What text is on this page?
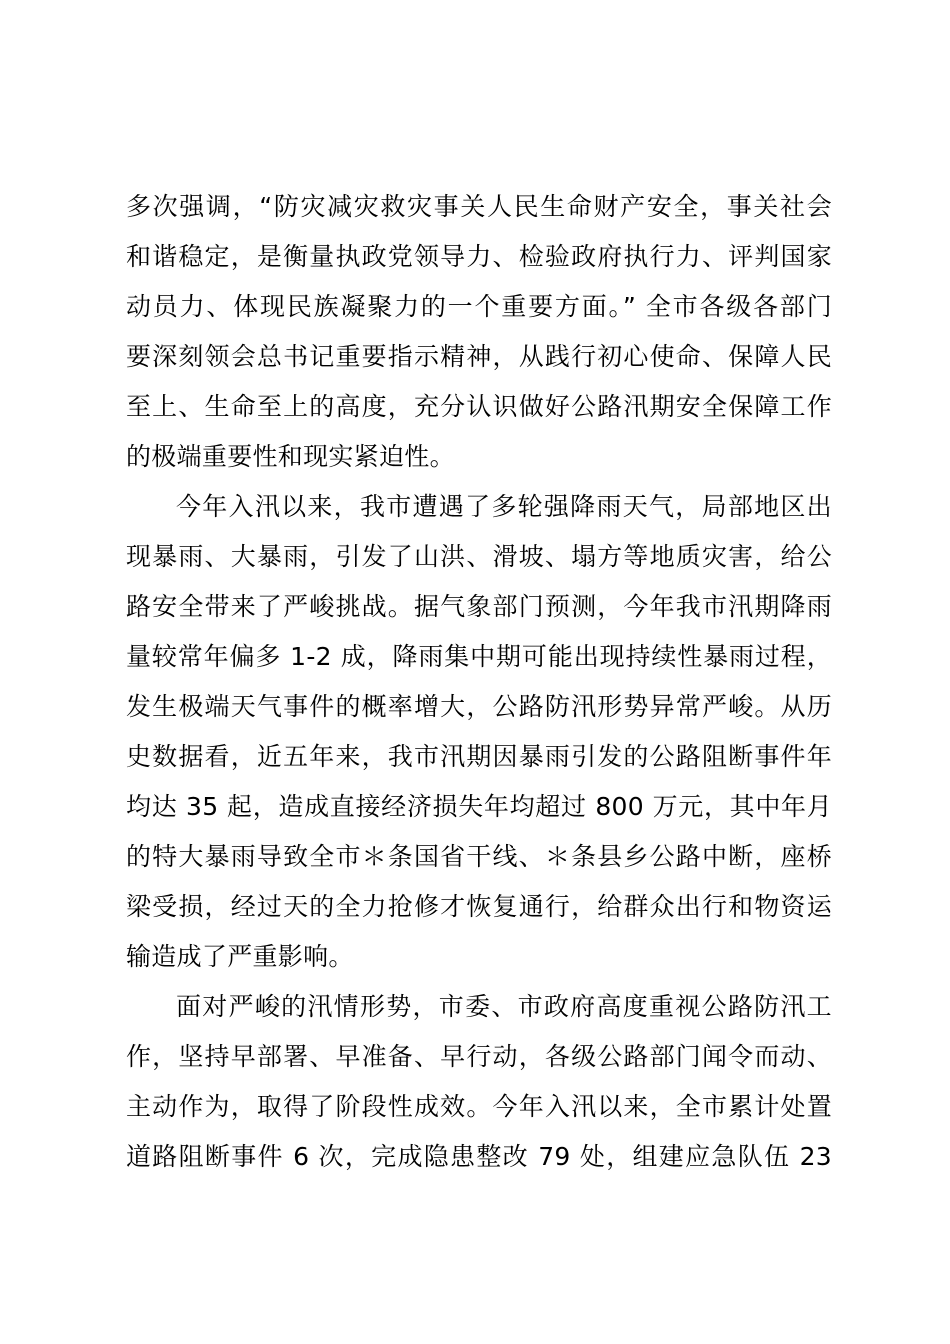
多次强调，“防灾减灾救灾事关人民生命财产安全，事关社会
和谐稳定，是衡量执政党领导力、检验政府执行力、评判国家
动员力、体现民族凝聚力的一个重要方面。” 全市各级各部门
要深刻领会总书记重要指示精神，从践行初心使命、保障人民
至上、生命至上的高度，充分认识做好公路汛期安全保障工作
的极端重要性和现实紧迫性。
今年入汛以来，我市遭遇了多轮强降雨天气，局部地区出
现暴雨、大暴雨，引发了山洪、滑坡、塌方等地质灾害，给公
路安全带来了严峻挑战。据气象部门预测，今年我市汛期降雨
量较常年偏多 1-2 成，降雨集中期可能出现持续性暴雨过程，
发生极端天气事件的概率增大，公路防汛形势异常严峻。从历
史数据看，近五年来，我市汛期因暴雨引发的公路阻断事件年
均达 35 起，造成直接经济损失年均超过 800 万元，其中年月
的特大暴雨导致全市＊条国省干线、＊条县乡公路中断，座桥
梁受损，经过天的全力抢修才恢复通行，给群众出行和物资运
输造成了严重影响。
面对严峻的汛情形势，市委、市政府高度重视公路防汛工
作，坚持早部署、早准备、早行动，各级公路部门闻令而动、
主动作为，取得了阶段性成效。今年入汛以来，全市累计处置
道路阻断事件 6 次，完成隐患整改 79 处，组建应急队伍 23
